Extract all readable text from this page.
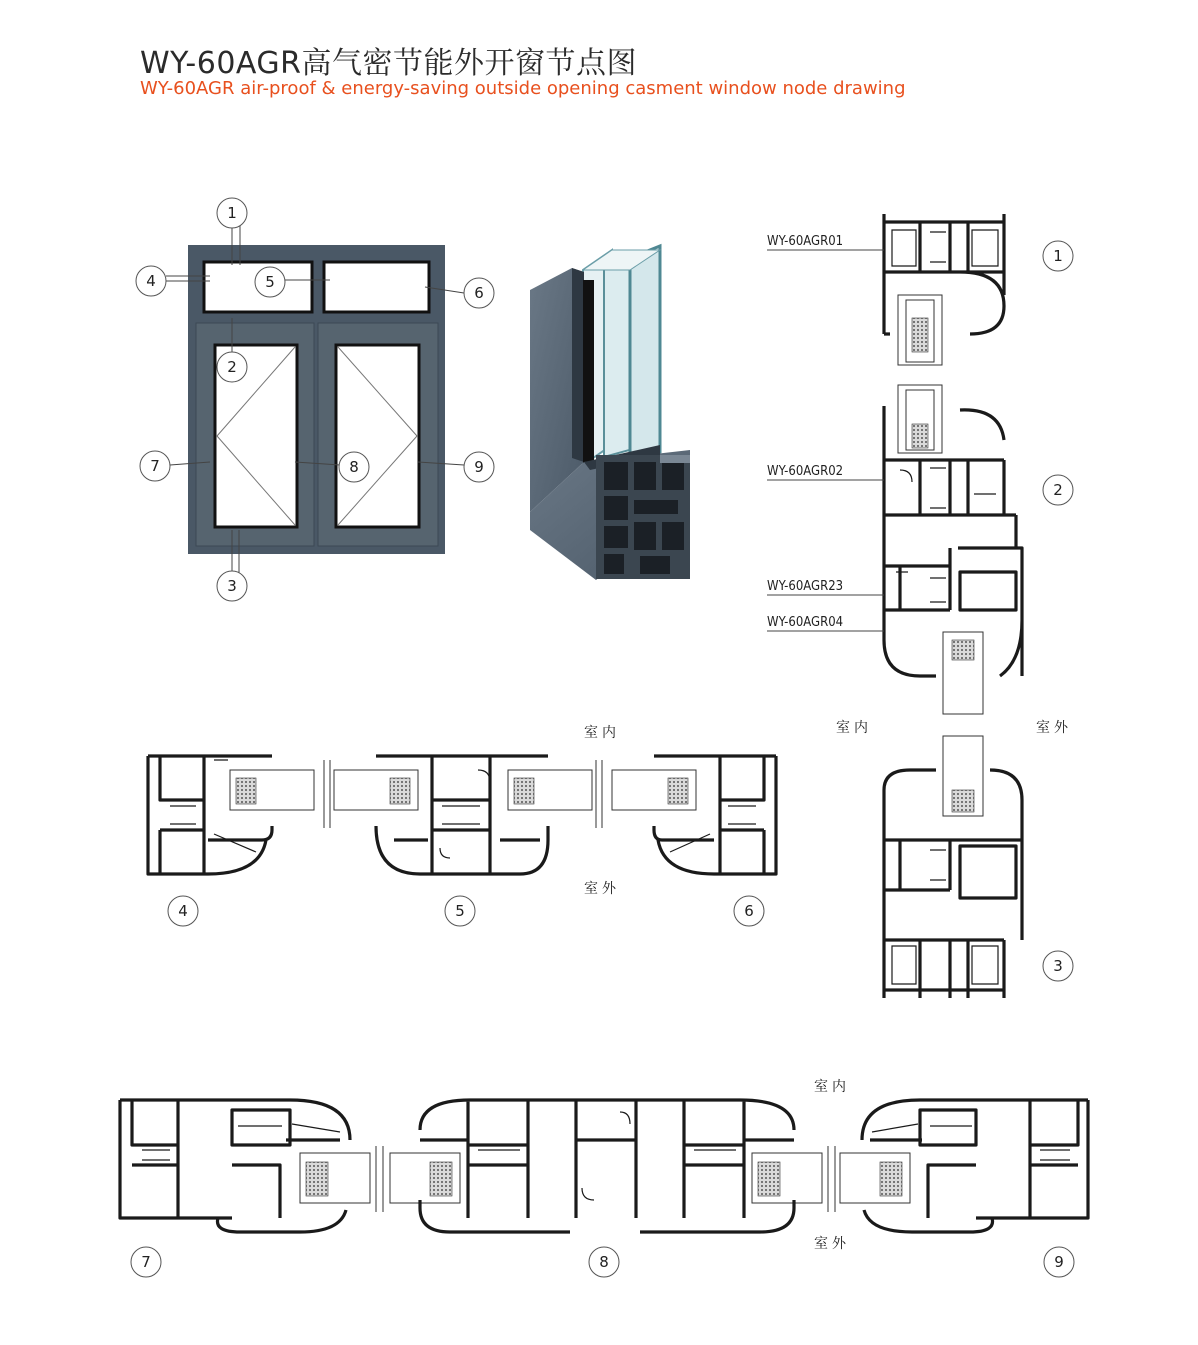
WY-60AGR高气密节能外开窗节点图
WY-60AGR air-proof & energy-saving outside opening casment window node drawing
1
4	5
6
2
7	8	9
3
WY-60AGR01
WY-60AGR02
WY-60AGR23
WY-60AGR04
室内	室外
1
2
3
室内
室外
4	5	6
室内
室外
7	8	9
